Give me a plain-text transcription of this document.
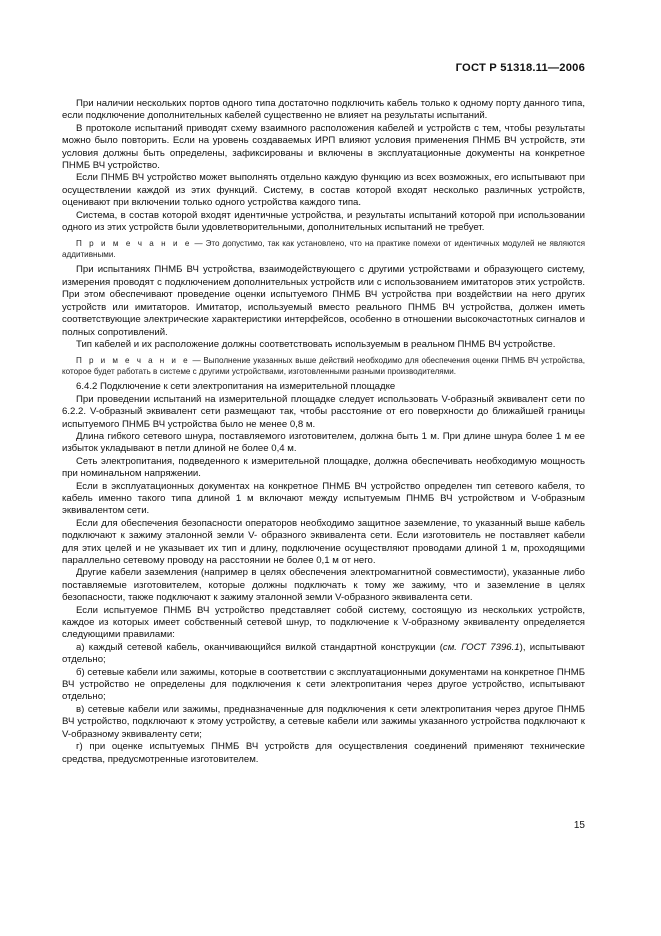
ГОСТ Р 51318.11—2006

При наличии нескольких портов одного типа достаточно подключить кабель только к одному порту данного типа, если подключение дополнительных кабелей существенно не влияет на результаты испытаний.

В протоколе испытаний приводят схему взаимного расположения кабелей и устройств с тем, чтобы результаты можно было повторить. Если на уровень создаваемых ИРП влияют условия применения ПНМБ ВЧ устройств, эти условия должны быть определены, зафиксированы и включены в эксплуатационные документы на конкретное ПНМБ ВЧ устройство.

Если ПНМБ ВЧ устройство может выполнять отдельно каждую функцию из всех возможных, его испытывают при осуществлении каждой из этих функций. Систему, в состав которой входят несколько различных устройств, оценивают при включении только одного устройства каждого типа.

Система, в состав которой входят идентичные устройства, и результаты испытаний которой при использовании одного из этих устройств были удовлетворительными, дополнительных испытаний не требует.

П р и м е ч а н и е — Это допустимо, так как установлено, что на практике помехи от идентичных модулей не являются аддитивными.

При испытаниях ПНМБ ВЧ устройства, взаимодействующего с другими устройствами и образующего систему, измерения проводят с подключением дополнительных устройств или с использованием имитаторов этих устройств. При этом обеспечивают проведение оценки испытуемого ПНМБ ВЧ устройства при воздействии на него других устройств или имитаторов. Имитатор, используемый вместо реального ПНМБ ВЧ устройства, должен иметь соответствующие электрические характеристики интерфейсов, особенно в отношении высокочастотных сигналов и полных сопротивлений.

Тип кабелей и их расположение должны соответствовать используемым в реальном ПНМБ ВЧ устройстве.

П р и м е ч а н и е — Выполнение указанных выше действий необходимо для обеспечения оценки ПНМБ ВЧ устройства, которое будет работать в системе с другими устройствами, изготовленными разными производителями.

6.4.2 Подключение к сети электропитания на измерительной площадке

При проведении испытаний на измерительной площадке следует использовать V-образный эквивалент сети по 6.2.2. V-образный эквивалент сети размещают так, чтобы расстояние от его поверхности до ближайшей границы испытуемого ПНМБ ВЧ устройства было не менее 0,8 м.

Длина гибкого сетевого шнура, поставляемого изготовителем, должна быть 1 м. При длине шнура более 1 м ее избыток укладывают в петли длиной не более 0,4 м.

Сеть электропитания, подведенного к измерительной площадке, должна обеспечивать необходимую мощность при номинальном напряжении.

Если в эксплуатационных документах на конкретное ПНМБ ВЧ устройство определен тип сетевого кабеля, то кабель именно такого типа длиной 1 м включают между испытуемым ПНМБ ВЧ устройством и V-образным эквивалентом сети.

Если для обеспечения безопасности операторов необходимо защитное заземление, то указанный выше кабель подключают к зажиму эталонной земли V- образного эквивалента сети. Если изготовитель не поставляет кабели для этих целей и не указывает их тип и длину, подключение осуществляют проводами длиной 1 м, проходящими параллельно сетевому проводу на расстоянии не более 0,1 м от него.

Другие кабели заземления (например в целях обеспечения электромагнитной совместимости), указанные либо поставляемые изготовителем, которые должны подключать к тому же зажиму, что и заземление в целях безопасности, также подключают к зажиму эталонной земли V-образного эквивалента сети.

Если испытуемое ПНМБ ВЧ устройство представляет собой систему, состоящую из нескольких устройств, каждое из которых имеет собственный сетевой шнур, то подключение к V-образному эквиваленту определяется следующими правилами:

а) каждый сетевой кабель, оканчивающийся вилкой стандартной конструкции (см. ГОСТ 7396.1), испытывают отдельно;

б) сетевые кабели или зажимы, которые в соответствии с эксплуатационными документами на конкретное ПНМБ ВЧ устройство не определены для подключения к сети электропитания через другое устройство, испытывают отдельно;

в) сетевые кабели или зажимы, предназначенные для подключения к сети электропитания через другое ПНМБ ВЧ устройство, подключают к этому устройству, а сетевые кабели или зажимы указанного устройства подключают к V-образному эквиваленту сети;

г) при оценке испытуемых ПНМБ ВЧ устройств для осуществления соединений применяют технические средства, предусмотренные изготовителем.

15
